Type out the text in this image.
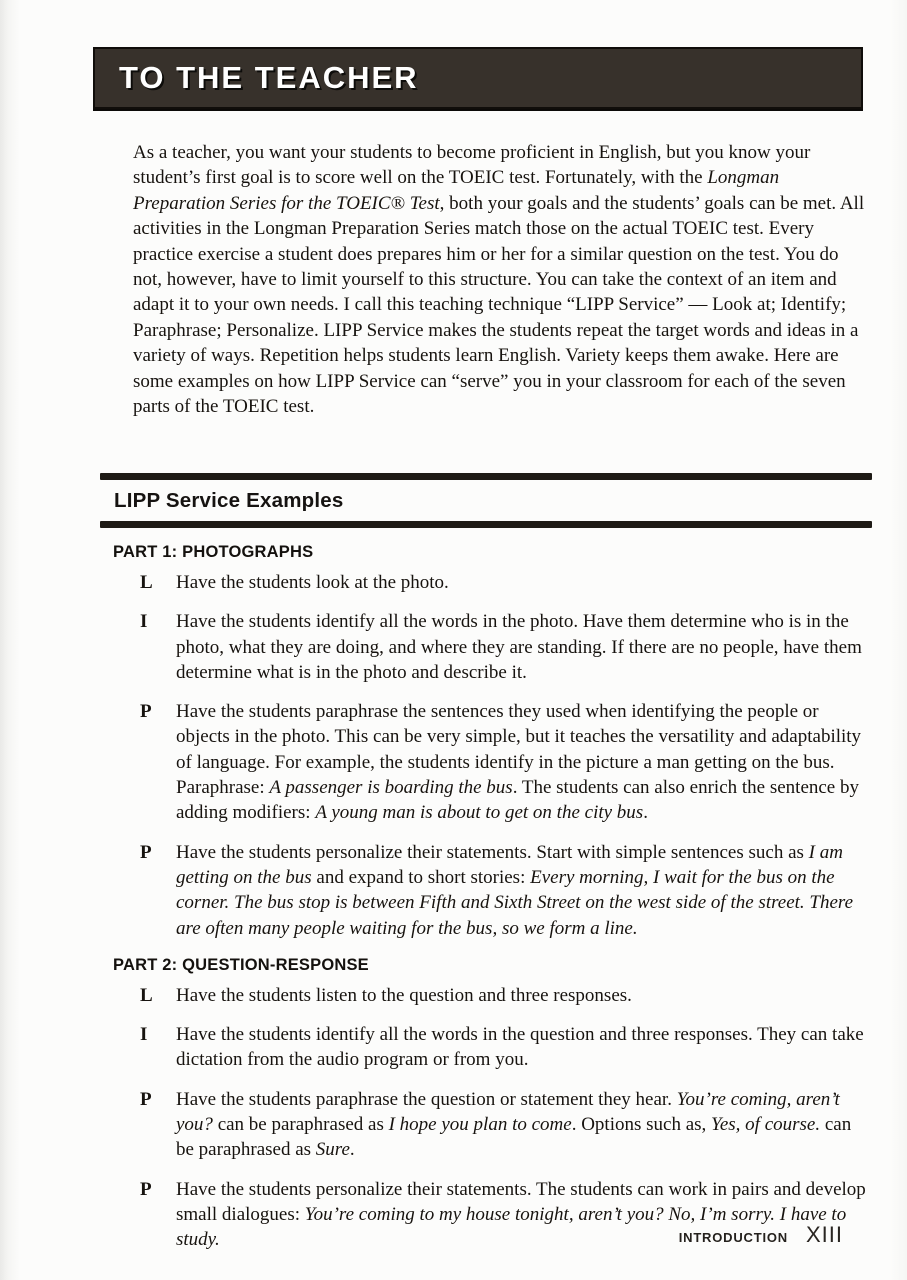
TO THE TEACHER

As a teacher, you want your students to become proficient in English, but you know your student’s first goal is to score well on the TOEIC test. Fortunately, with the Longman Preparation Series for the TOEIC® Test, both your goals and the students’ goals can be met. All activities in the Longman Preparation Series match those on the actual TOEIC test. Every practice exercise a student does prepares him or her for a similar question on the test. You do not, however, have to limit yourself to this structure. You can take the context of an item and adapt it to your own needs. I call this teaching technique “LIPP Service” — Look at; Identify; Paraphrase; Personalize. LIPP Service makes the students repeat the target words and ideas in a variety of ways. Repetition helps students learn English. Variety keeps them awake. Here are some examples on how LIPP Service can “serve” you in your classroom for each of the seven parts of the TOEIC test.

LIPP Service Examples
PART 1: PHOTOGRAPHS
L	Have the students look at the photo.
I	Have the students identify all the words in the photo. Have them determine who is in the photo, what they are doing, and where they are standing. If there are no people, have them determine what is in the photo and describe it.
P	Have the students paraphrase the sentences they used when identifying the people or objects in the photo. This can be very simple, but it teaches the versatility and adaptability of language. For example, the students identify in the picture a man getting on the bus. Paraphrase: A passenger is boarding the bus. The students can also enrich the sentence by adding modifiers: A young man is about to get on the city bus.
P	Have the students personalize their statements. Start with simple sentences such as I am getting on the bus and expand to short stories: Every morning, I wait for the bus on the corner. The bus stop is between Fifth and Sixth Street on the west side of the street. There are often many people waiting for the bus, so we form a line.
PART 2: QUESTION-RESPONSE
L	Have the students listen to the question and three responses.
I	Have the students identify all the words in the question and three responses. They can take dictation from the audio program or from you.
P	Have the students paraphrase the question or statement they hear. You’re coming, aren’t you? can be paraphrased as I hope you plan to come. Options such as, Yes, of course. can be paraphrased as Sure.
P	Have the students personalize their statements. The students can work in pairs and develop small dialogues: You’re coming to my house tonight, aren’t you? No, I’m sorry. I have to study.	INTRODUCTION XIII
